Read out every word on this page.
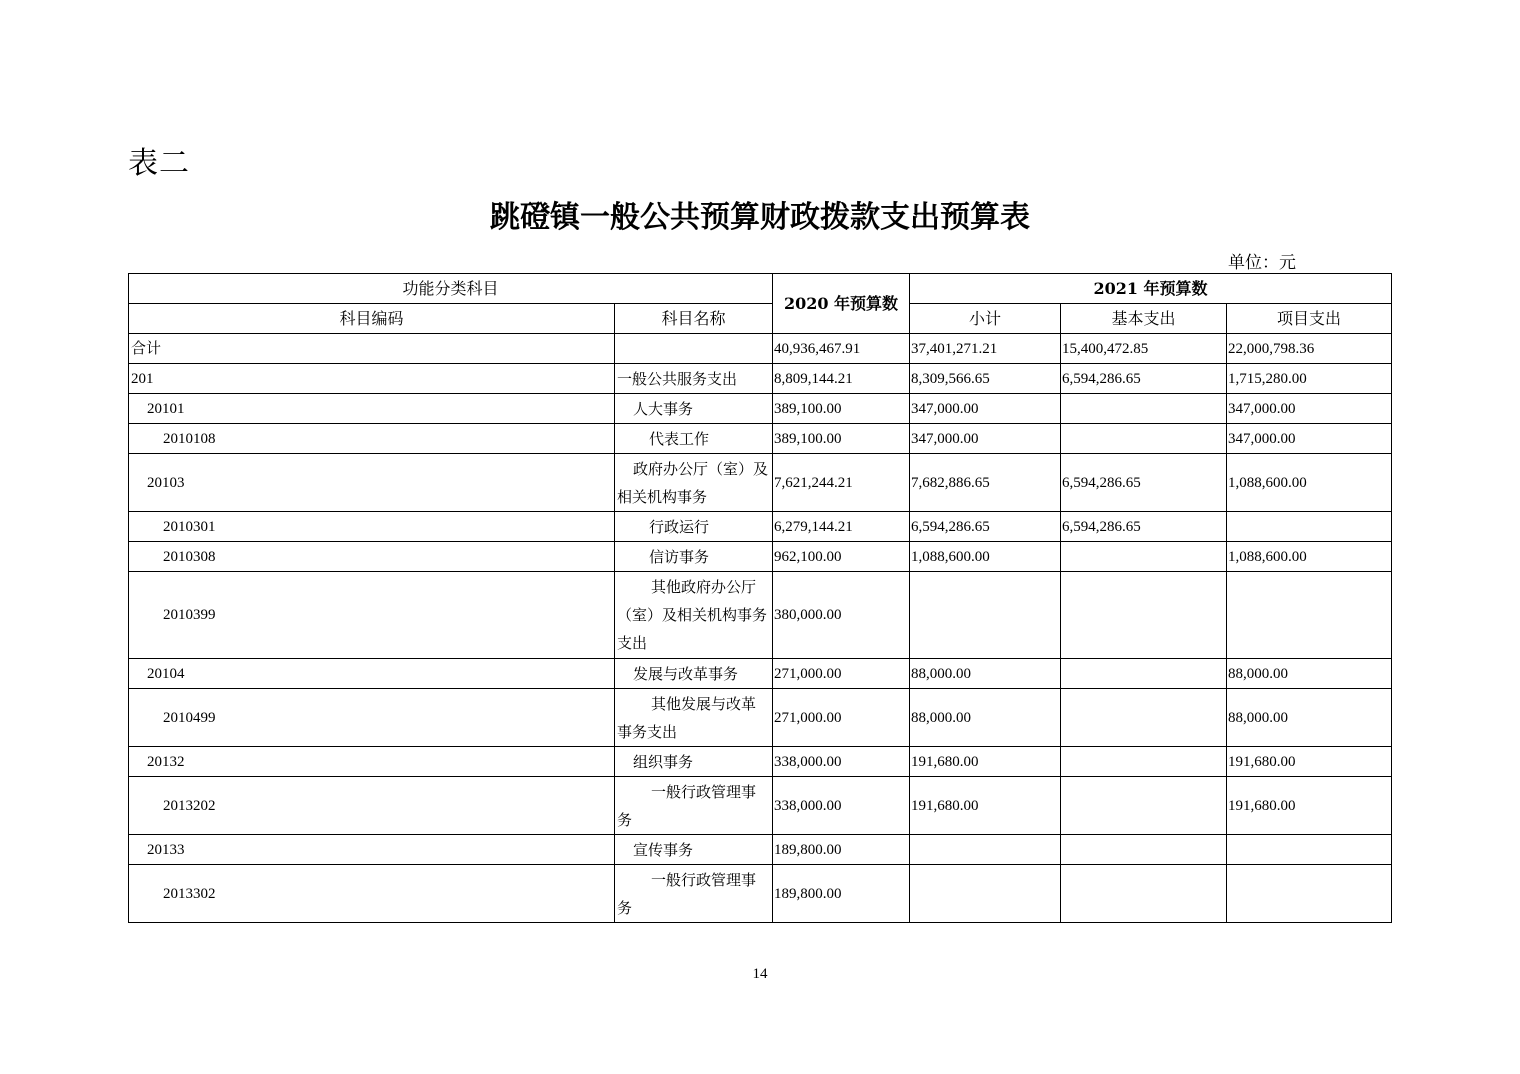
表二
跳磴镇一般公共预算财政拨款支出预算表
单位：元
功能分类科目		2020 年预算数	2021 年预算数		
科目编码	科目名称		小计	基本支出	项目支出
合计		40,936,467.91	37,401,271.21	15,400,472.85	22,000,798.36
201	一般公共服务支出	8,809,144.21	8,309,566.65	6,594,286.65	1,715,280.00
20101	人大事务	389,100.00	347,000.00		347,000.00
2010108	代表工作	389,100.00	347,000.00		347,000.00
20103	政府办公厅（室）及相关机构事务	7,621,244.21	7,682,886.65	6,594,286.65	1,088,600.00
2010301	行政运行	6,279,144.21	6,594,286.65	6,594,286.65	
2010308	信访事务	962,100.00	1,088,600.00		1,088,600.00
2010399	其他政府办公厅（室）及相关机构事务支出	380,000.00			
20104	发展与改革事务	271,000.00	88,000.00		88,000.00
2010499	其他发展与改革事务支出	271,000.00	88,000.00		88,000.00
20132	组织事务	338,000.00	191,680.00		191,680.00
2013202	一般行政管理事务	338,000.00	191,680.00		191,680.00
20133	宣传事务	189,800.00			
2013302	一般行政管理事务	189,800.00			
14
